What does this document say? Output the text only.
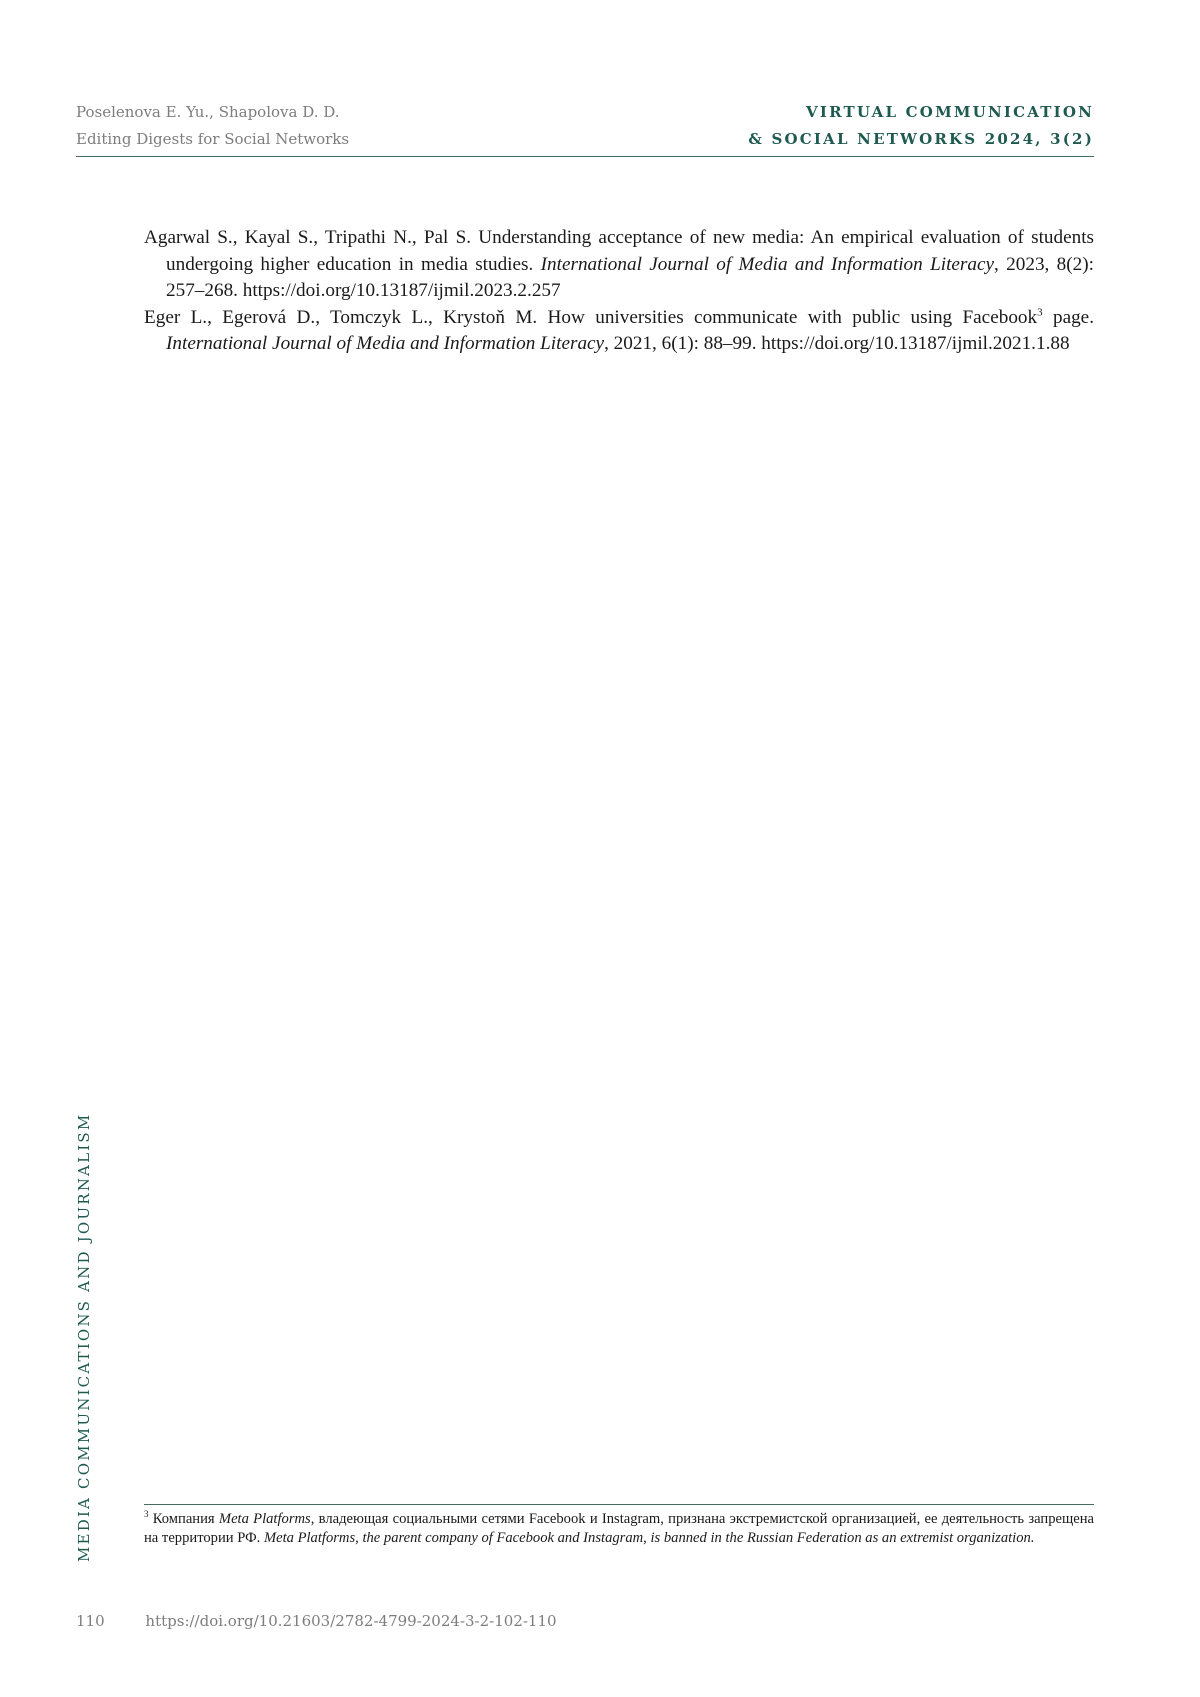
Poselenova E. Yu., Shapolova D. D.
Editing Digests for Social Networks
VIRTUAL COMMUNICATION
& SOCIAL NETWORKS 2024, 3(2)

Agarwal S., Kayal S., Tripathi N., Pal S. Understanding acceptance of new media: An empirical evaluation of students undergoing higher education in media studies. International Journal of Media and Information Literacy, 2023, 8(2): 257–268. https://doi.org/10.13187/ijmil.2023.2.257

Eger L., Egerová D., Tomczyk L., Krystoň M. How universities communicate with public using Facebook$^3$ page. International Journal of Media and Information Literacy, 2021, 6(1): 88–99. https://doi.org/10.13187/ijmil.2021.1.88

MEDIA COMMUNICATIONS AND JOURNALISM	$^3$ Компания Meta Platforms, владеющая социальными сетями Facebook и Instagram, признана экстремистской организацией, ее деятельность запрещена на территории РФ. Meta Platforms, the parent company of Facebook and Instagram, is banned in the Russian Federation as an extremist organization.
110	https://doi.org/10.21603/2782-4799-2024-3-2-102-110
